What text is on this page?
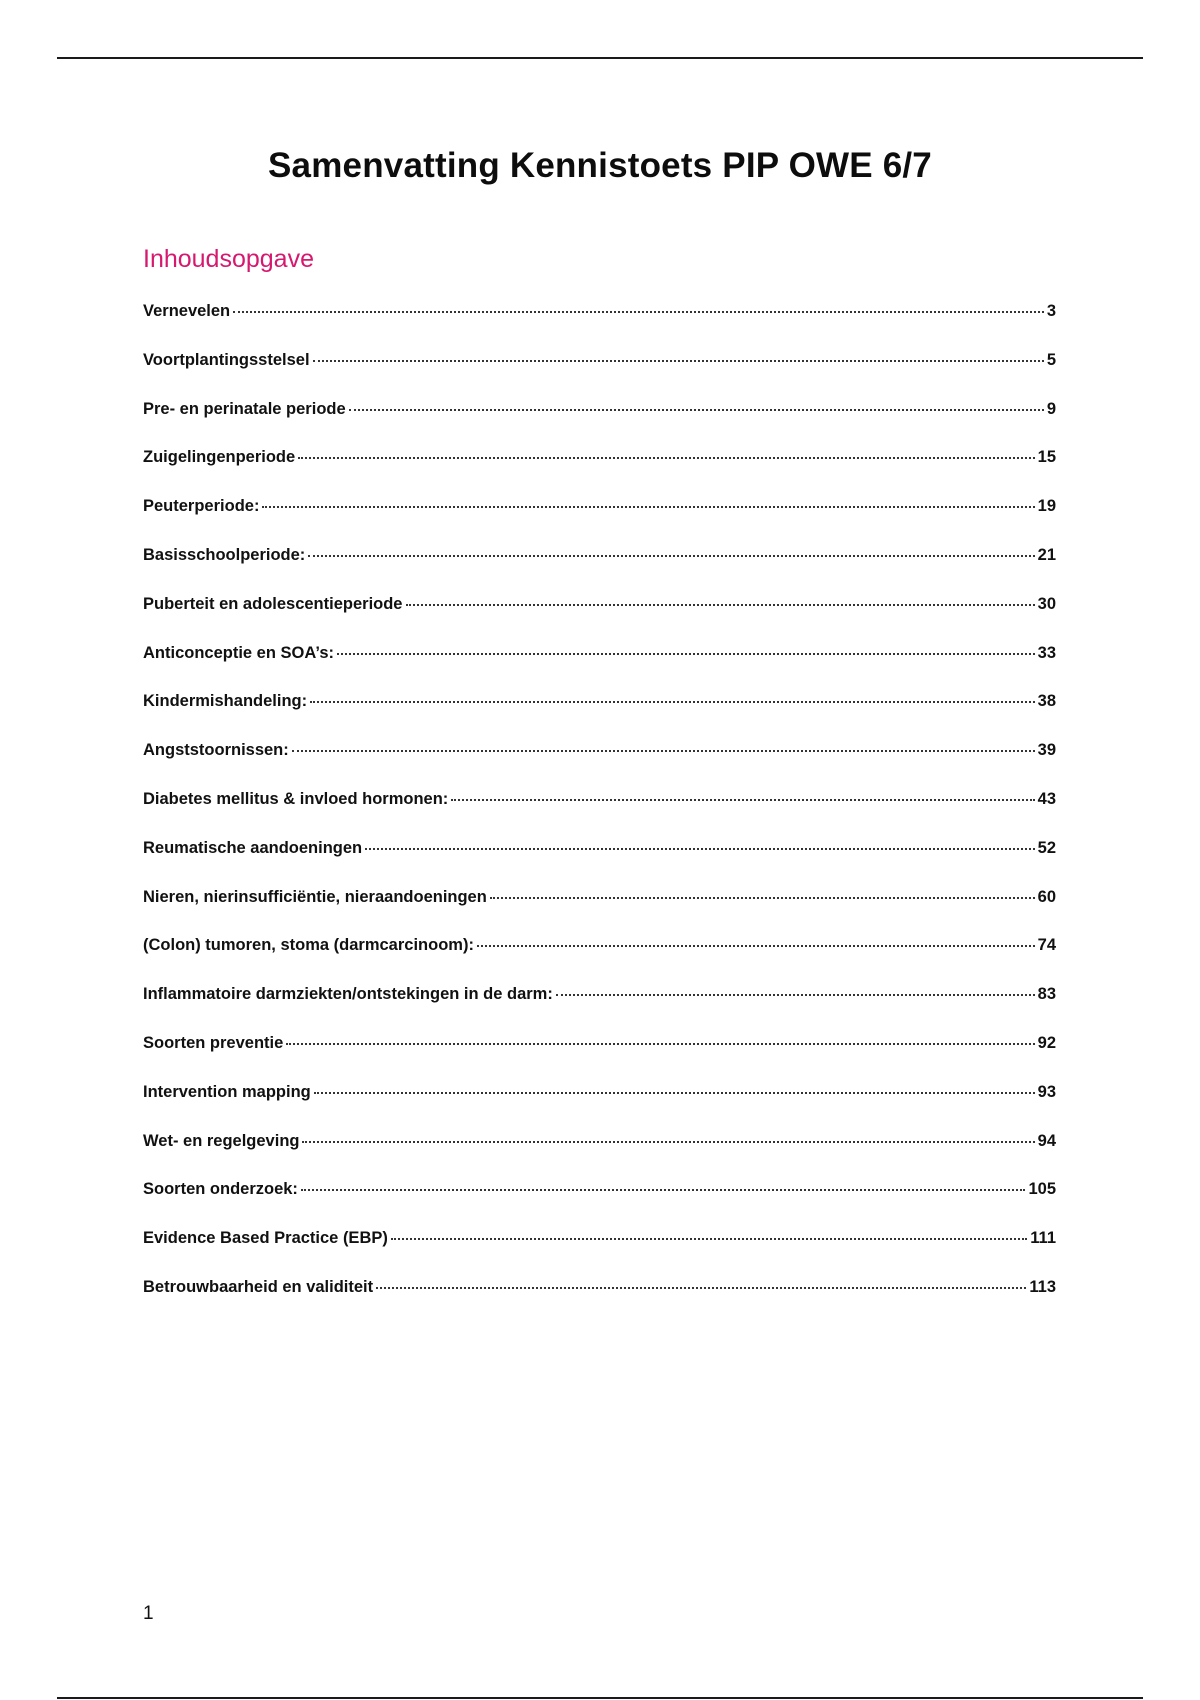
Samenvatting Kennistoets PIP OWE 6/7
Inhoudsopgave
Vernevelen	3
Voortplantingsstelsel	5
Pre- en perinatale periode	9
Zuigelingenperiode	15
Peuterperiode:	19
Basisschoolperiode:	21
Puberteit en adolescentieperiode	30
Anticonceptie en SOA’s:	33
Kindermishandeling:	38
Angststoornissen:	39
Diabetes mellitus & invloed hormonen:	43
Reumatische aandoeningen	52
Nieren, nierinsufficiëntie, nieraandoeningen	60
(Colon) tumoren, stoma (darmcarcinoom):	74
Inflammatoire darmziekten/ontstekingen in de darm:	83
Soorten preventie	92
Intervention mapping	93
Wet- en regelgeving	94
Soorten onderzoek:	105
Evidence Based Practice (EBP)	111
Betrouwbaarheid en validiteit	113
1
